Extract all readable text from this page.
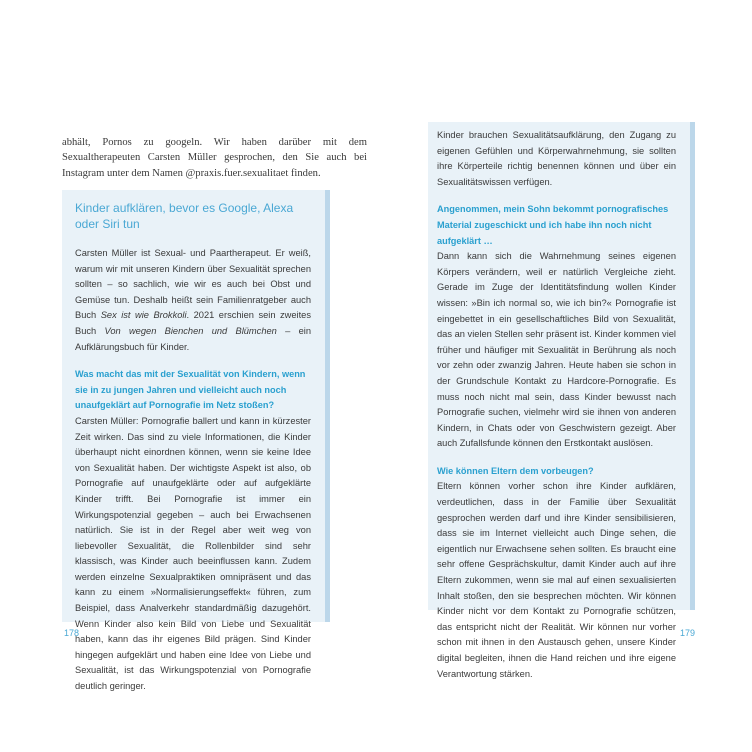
abhält, Pornos zu googeln. Wir haben darüber mit dem Sexualtherapeuten Carsten Müller gesprochen, den Sie auch bei Instagram unter dem Namen @praxis.fuer.sexualitaet finden.

Kinder aufklären, bevor es Google, Alexa oder Siri tun

Carsten Müller ist Sexual- und Paartherapeut. Er weiß, warum wir mit unseren Kindern über Sexualität sprechen sollten – so sachlich, wie wir es auch bei Obst und Gemüse tun. Deshalb heißt sein Familienratgeber auch Buch Sex ist wie Brokkoli. 2021 erschien sein zweites Buch Von wegen Bienchen und Blümchen – ein Aufklärungsbuch für Kinder.

Was macht das mit der Sexualität von Kindern, wenn sie in zu jungen Jahren und vielleicht auch noch unaufgeklärt auf Pornografie im Netz stoßen?

Carsten Müller: Pornografie ballert und kann in kürzester Zeit wirken. Das sind zu viele Informationen, die Kinder überhaupt nicht einordnen können, wenn sie keine Idee von Sexualität haben. Der wichtigste Aspekt ist also, ob Pornografie auf unaufgeklärte oder auf aufgeklärte Kinder trifft. Bei Pornografie ist immer ein Wirkungspotenzial gegeben – auch bei Erwachsenen natürlich. Sie ist in der Regel aber weit weg von liebevoller Sexualität, die Rollenbilder sind sehr klassisch, was Kinder auch beeinflussen kann. Zudem werden einzelne Sexualpraktiken omnipräsent und das kann zu einem »Normalisierungseffekt« führen, zum Beispiel, dass Analverkehr standardmäßig dazugehört. Wenn Kinder also kein Bild von Liebe und Sexualität haben, kann das ihr eigenes Bild prägen. Sind Kinder hingegen aufgeklärt und haben eine Idee von Liebe und Sexualität, ist das Wirkungspotenzial von Pornografie deutlich geringer.

178

Kinder brauchen Sexualitätsaufklärung, den Zugang zu eigenen Gefühlen und Körperwahrnehmung, sie sollten ihre Körperteile richtig benennen können und über ein Sexualitätswissen verfügen.

Angenommen, mein Sohn bekommt pornografisches Material zugeschickt und ich habe ihn noch nicht aufgeklärt …

Dann kann sich die Wahrnehmung seines eigenen Körpers verändern, weil er natürlich Vergleiche zieht. Gerade im Zuge der Identitätsfindung wollen Kinder wissen: »Bin ich normal so, wie ich bin?« Pornografie ist eingebettet in ein gesellschaftliches Bild von Sexualität, das an vielen Stellen sehr präsent ist. Kinder kommen viel früher und häufiger mit Sexualität in Berührung als noch vor zehn oder zwanzig Jahren. Heute haben sie schon in der Grundschule Kontakt zu Hardcore-Pornografie. Es muss noch nicht mal sein, dass Kinder bewusst nach Pornografie suchen, vielmehr wird sie ihnen von anderen Kindern, in Chats oder von Geschwistern gezeigt. Aber auch Zufallsfunde können den Erstkontakt auslösen.

Wie können Eltern dem vorbeugen?

Eltern können vorher schon ihre Kinder aufklären, verdeutlichen, dass in der Familie über Sexualität gesprochen werden darf und ihre Kinder sensibilisieren, dass sie im Internet vielleicht auch Dinge sehen, die eigentlich nur Erwachsene sehen sollten. Es braucht eine sehr offene Gesprächskultur, damit Kinder auch auf ihre Eltern zukommen, wenn sie mal auf einen sexualisierten Inhalt stoßen, den sie besprechen möchten. Wir können Kinder nicht vor dem Kontakt zu Pornografie schützen, das entspricht nicht der Realität. Wir können nur vorher schon mit ihnen in den Austausch gehen, unsere Kinder digital begleiten, ihnen die Hand reichen und ihre eigene Verantwortung stärken.

179
